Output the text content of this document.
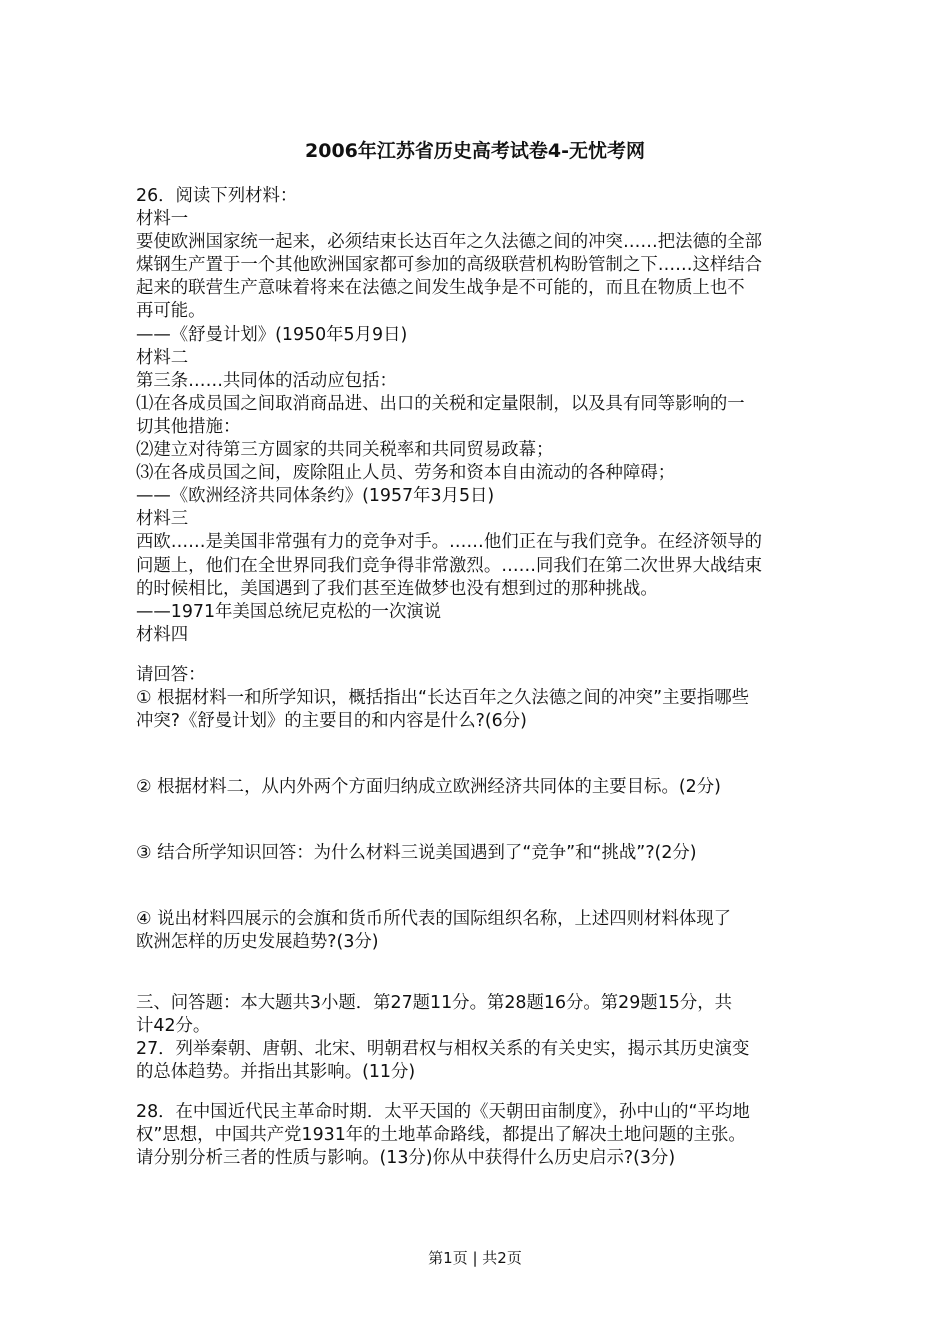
2006年江苏省历史高考试卷4-无忧考网

26．阅读下列材料：

材料一

要使欧洲国家统一起来，必须结束长达百年之久法德之间的冲突……把法德的全部

煤钢生产置于一个其他欧洲国家都可参加的高级联营机构盼管制之下……这样结合

起来的联营生产意味着将来在法德之间发生战争是不可能的，而且在物质上也不

再可能。

——《舒曼计划》(1950年5月9日)

材料二

第三条……共同体的活动应包括：

⑴在各成员国之间取消商品进、出口的关税和定量限制，以及具有同等影响的一

切其他措施：

⑵建立对待第三方圆家的共同关税率和共同贸易政幕；

⑶在各成员国之间，废除阻止人员、劳务和资本自由流动的各种障碍；

——《欧洲经济共同体条约》(1957年3月5日)

材料三

西欧……是美国非常强有力的竞争对手。……他们正在与我们竞争。在经济领导的

问题上，他们在全世界同我们竞争得非常激烈。……同我们在第二次世界大战结束

的时候相比，美国遇到了我们甚至连做梦也没有想到过的那种挑战。

——1971年美国总统尼克松的一次演说

材料四

请回答：

① 根据材料一和所学知识，概括指出“长达百年之久法德之间的冲突”主要指哪些

冲突?《舒曼计划》的主要目的和内容是什么?(6分)

② 根据材料二，从内外两个方面归纳成立欧洲经济共同体的主要目标。(2分)

③ 结合所学知识回答：为什么材料三说美国遇到了“竞争”和“挑战”?(2分)

④ 说出材料四展示的会旗和货币所代表的国际组织名称，上述四则材料体现了

欧洲怎样的历史发展趋势?(3分)

三、问答题：本大题共3小题．第27题11分。第28题16分。第29题15分，共

计42分。

27．列举秦朝、唐朝、北宋、明朝君权与相权关系的有关史实，揭示其历史演变

的总体趋势。并指出其影响。(11分)

28．在中国近代民主革命时期．太平天国的《天朝田亩制度》，孙中山的“平均地

权”思想，中国共产党1931年的土地革命路线，都提出了解决土地问题的主张。

请分别分析三者的性质与影响。(13分)你从中获得什么历史启示?(3分)

第1页 | 共2页
